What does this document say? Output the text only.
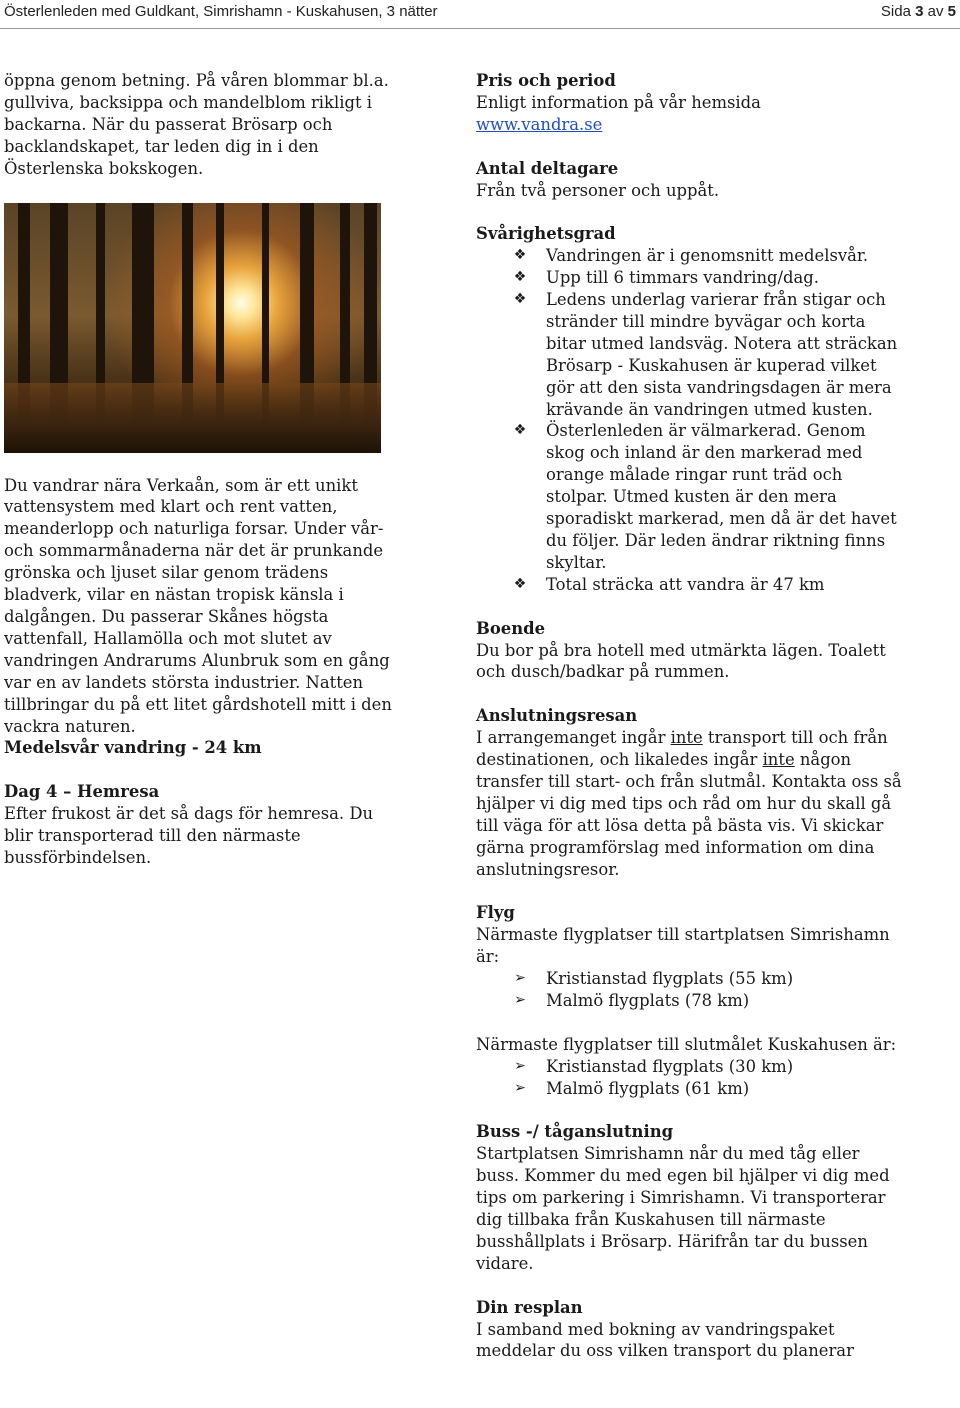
Österlenleden med Guldkant, Simrishamn - Kuskahusen, 3 nätter	Sida 3 av 5

öppna genom betning. På våren blommar bl.a. gullviva, backsippa och mandelblom rikligt i backarna. När du passerat Brösarp och backlandskapet, tar leden dig in i den Österlenska bokskogen.

Du vandrar nära Verkaån, som är ett unikt vattensystem med klart och rent vatten, meanderlopp och naturliga forsar. Under vår- och sommarmånaderna när det är prunkande grönska och ljuset silar genom trädens bladverk, vilar en nästan tropisk känsla i dalgången. Du passerar Skånes högsta vattenfall, Hallamölla och mot slutet av vandringen Andrarums Alunbruk som en gång var en av landets största industrier. Natten tillbringar du på ett litet gårdshotell mitt i den vackra naturen.

Medelsvår vandring - 24 km

Dag 4 – Hemresa

Efter frukost är det så dags för hemresa. Du blir transporterad till den närmaste bussförbindelsen.

Pris och period

Enligt information på vår hemsida

www.vandra.se

Antal deltagare

Från två personer och uppåt.

Svårighetsgrad

❖ Vandringen är i genomsnitt medelsvår.
❖ Upp till 6 timmars vandring/dag.
❖ Ledens underlag varierar från stigar och stränder till mindre byvägar och korta bitar utmed landsväg. Notera att sträckan Brösarp - Kuskahusen är kuperad vilket gör att den sista vandringsdagen är mera krävande än vandringen utmed kusten.
❖ Österlenleden är välmarkerad. Genom skog och inland är den markerad med orange målade ringar runt träd och stolpar. Utmed kusten är den mera sporadiskt markerad, men då är det havet du följer. Där leden ändrar riktning finns skyltar.
❖ Total sträcka att vandra är 47 km

Boende

Du bor på bra hotell med utmärkta lägen. Toalett och dusch/badkar på rummen.

Anslutningsresan

I arrangemanget ingår inte transport till och från destinationen, och likaledes ingår inte någon transfer till start- och från slutmål. Kontakta oss så hjälper vi dig med tips och råd om hur du skall gå till väga för att lösa detta på bästa vis. Vi skickar gärna programförslag med information om dina anslutningsresor.

Flyg

Närmaste flygplatser till startplatsen Simrishamn är:

➢ Kristianstad flygplats (55 km)
➢ Malmö flygplats (78 km)

Närmaste flygplatser till slutmålet Kuskahusen är:

➢ Kristianstad flygplats (30 km)
➢ Malmö flygplats (61 km)

Buss -/ tåganslutning

Startplatsen Simrishamn når du med tåg eller buss. Kommer du med egen bil hjälper vi dig med tips om parkering i Simrishamn. Vi transporterar dig tillbaka från Kuskahusen till närmaste busshållplats i Brösarp. Härifrån tar du bussen vidare.

Din resplan

I samband med bokning av vandringspaket meddelar du oss vilken transport du planerar
